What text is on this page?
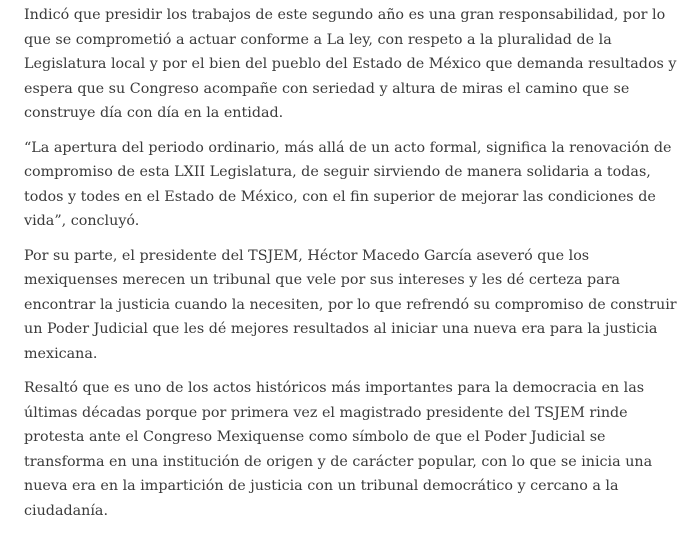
Indicó que presidir los trabajos de este segundo año es una gran responsabilidad, por lo
que se comprometió a actuar conforme a La ley, con respeto a la pluralidad de la
Legislatura local y por el bien del pueblo del Estado de México que demanda resultados y
espera que su Congreso acompañe con seriedad y altura de miras el camino que se
construye día con día en la entidad.

“La apertura del periodo ordinario, más allá de un acto formal, significa la renovación de
compromiso de esta LXII Legislatura, de seguir sirviendo de manera solidaria a todas,
todos y todes en el Estado de México, con el fin superior de mejorar las condiciones de
vida”, concluyó.

Por su parte, el presidente del TSJEM, Héctor Macedo García aseveró que los
mexiquenses merecen un tribunal que vele por sus intereses y les dé certeza para
encontrar la justicia cuando la necesiten, por lo que refrendó su compromiso de construir
un Poder Judicial que les dé mejores resultados al iniciar una nueva era para la justicia
mexicana.

Resaltó que es uno de los actos históricos más importantes para la democracia en las
últimas décadas porque por primera vez el magistrado presidente del TSJEM rinde
protesta ante el Congreso Mexiquense como símbolo de que el Poder Judicial se
transforma en una institución de origen y de carácter popular, con lo que se inicia una
nueva era en la impartición de justicia con un tribunal democrático y cercano a la
ciudadanía.
